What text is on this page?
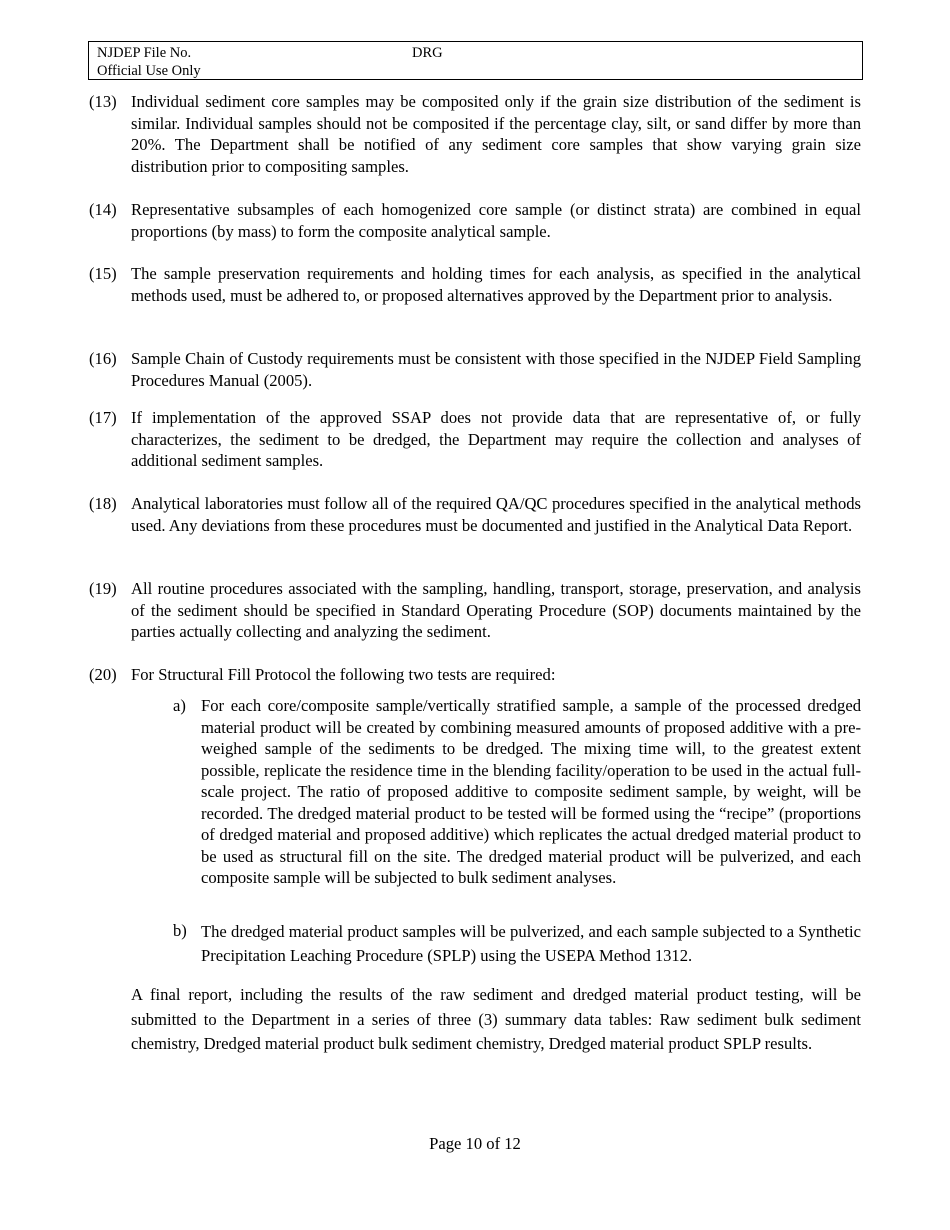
NJDEP File No.	DRG
Official Use Only
(13) Individual sediment core samples may be composited only if the grain size distribution of the sediment is similar. Individual samples should not be composited if the percentage clay, silt, or sand differ by more than 20%. The Department shall be notified of any sediment core samples that show varying grain size distribution prior to compositing samples.
(14) Representative subsamples of each homogenized core sample (or distinct strata) are combined in equal proportions (by mass) to form the composite analytical sample.
(15) The sample preservation requirements and holding times for each analysis, as specified in the analytical methods used, must be adhered to, or proposed alternatives approved by the Department prior to analysis.
(16) Sample Chain of Custody requirements must be consistent with those specified in the NJDEP Field Sampling Procedures Manual (2005).
(17) If implementation of the approved SSAP does not provide data that are representative of, or fully characterizes, the sediment to be dredged, the Department may require the collection and analyses of additional sediment samples.
(18) Analytical laboratories must follow all of the required QA/QC procedures specified in the analytical methods used. Any deviations from these procedures must be documented and justified in the Analytical Data Report.
(19) All routine procedures associated with the sampling, handling, transport, storage, preservation, and analysis of the sediment should be specified in Standard Operating Procedure (SOP) documents maintained by the parties actually collecting and analyzing the sediment.
(20) For Structural Fill Protocol the following two tests are required:
a) For each core/composite sample/vertically stratified sample, a sample of the processed dredged material product will be created by combining measured amounts of proposed additive with a pre-weighed sample of the sediments to be dredged. The mixing time will, to the greatest extent possible, replicate the residence time in the blending facility/operation to be used in the actual full-scale project. The ratio of proposed additive to composite sediment sample, by weight, will be recorded. The dredged material product to be tested will be formed using the “recipe” (proportions of dredged material and proposed additive) which replicates the actual dredged material product to be used as structural fill on the site. The dredged material product will be pulverized, and each composite sample will be subjected to bulk sediment analyses.
b) The dredged material product samples will be pulverized, and each sample subjected to a Synthetic Precipitation Leaching Procedure (SPLP) using the USEPA Method 1312.
A final report, including the results of the raw sediment and dredged material product testing, will be submitted to the Department in a series of three (3) summary data tables: Raw sediment bulk sediment chemistry, Dredged material product bulk sediment chemistry, Dredged material product SPLP results.
Page 10 of 12
